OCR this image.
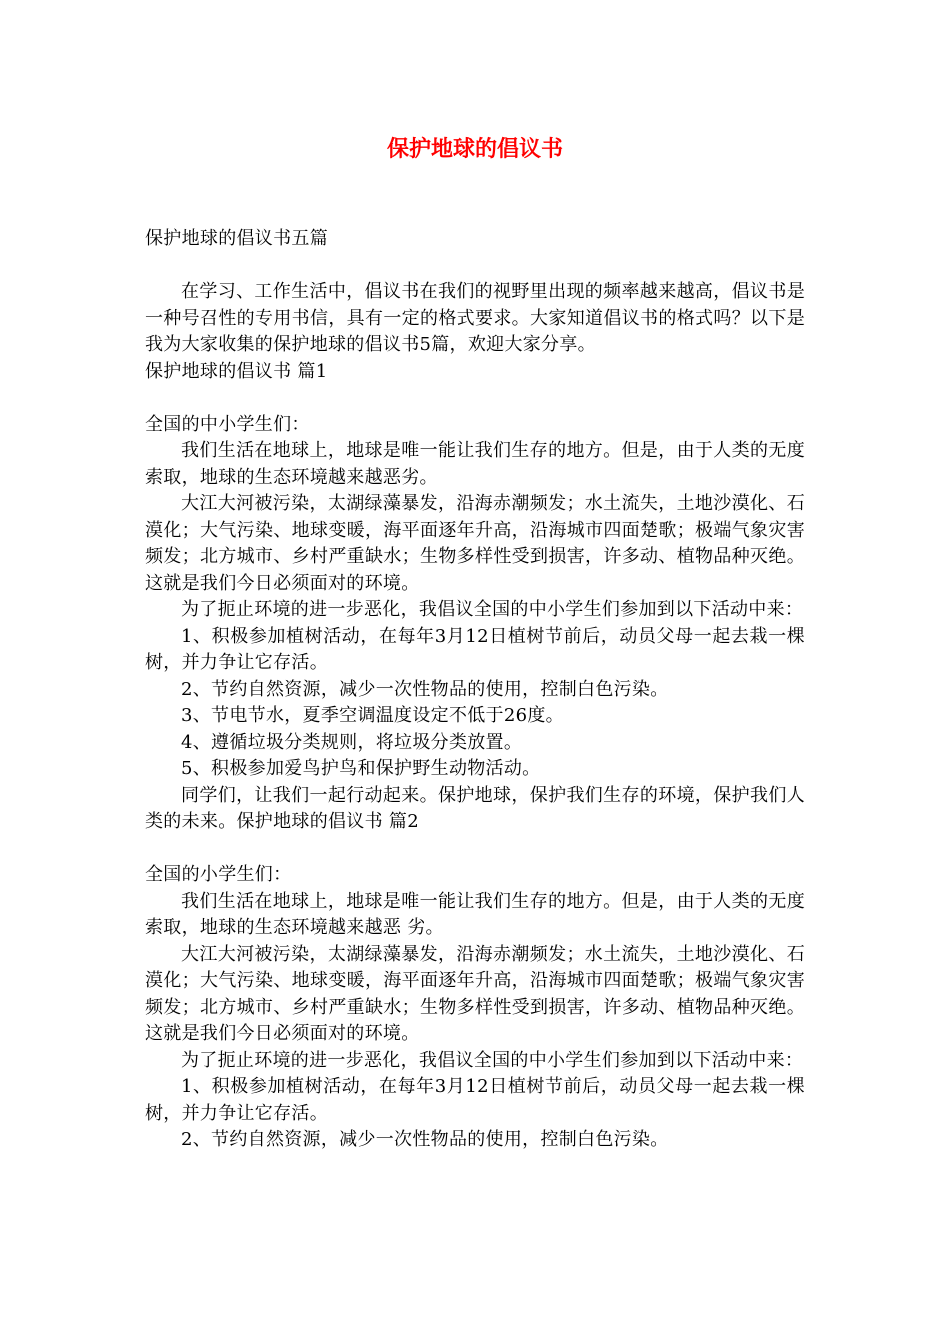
保护地球的倡议书

保护地球的倡议书五篇

在学习、工作生活中，倡议书在我们的视野里出现的频率越来越高，倡议书是一种号召性的专用书信，具有一定的格式要求。大家知道倡议书的格式吗？以下是我为大家收集的保护地球的倡议书5篇，欢迎大家分享。

保护地球的倡议书 篇1

全国的中小学生们：

我们生活在地球上，地球是唯一能让我们生存的地方。但是，由于人类的无度索取，地球的生态环境越来越恶劣。

大江大河被污染，太湖绿藻暴发，沿海赤潮频发；水土流失，土地沙漠化、石漠化；大气污染、地球变暖，海平面逐年升高，沿海城市四面楚歌；极端气象灾害频发；北方城市、乡村严重缺水；生物多样性受到损害，许多动、植物品种灭绝。这就是我们今日必须面对的环境。

为了扼止环境的进一步恶化，我倡议全国的中小学生们参加到以下活动中来：

1、积极参加植树活动，在每年3月12日植树节前后，动员父母一起去栽一棵树，并力争让它存活。

2、节约自然资源，减少一次性物品的使用，控制白色污染。

3、节电节水，夏季空调温度设定不低于26度。

4、遵循垃圾分类规则，将垃圾分类放置。

5、积极参加爱鸟护鸟和保护野生动物活动。

同学们，让我们一起行动起来。保护地球，保护我们生存的环境，保护我们人类的未来。保护地球的倡议书 篇2

全国的小学生们：

我们生活在地球上，地球是唯一能让我们生存的地方。但是，由于人类的无度索取，地球的生态环境越来越恶 劣。

大江大河被污染，太湖绿藻暴发，沿海赤潮频发；水土流失，土地沙漠化、石漠化；大气污染、地球变暖，海平面逐年升高，沿海城市四面楚歌；极端气象灾害频发；北方城市、乡村严重缺水；生物多样性受到损害，许多动、植物品种灭绝。这就是我们今日必须面对的环境。

为了扼止环境的进一步恶化，我倡议全国的中小学生们参加到以下活动中来：

1、积极参加植树活动，在每年3月12日植树节前后，动员父母一起去栽一棵树，并力争让它存活。

2、节约自然资源，减少一次性物品的使用，控制白色污染。
